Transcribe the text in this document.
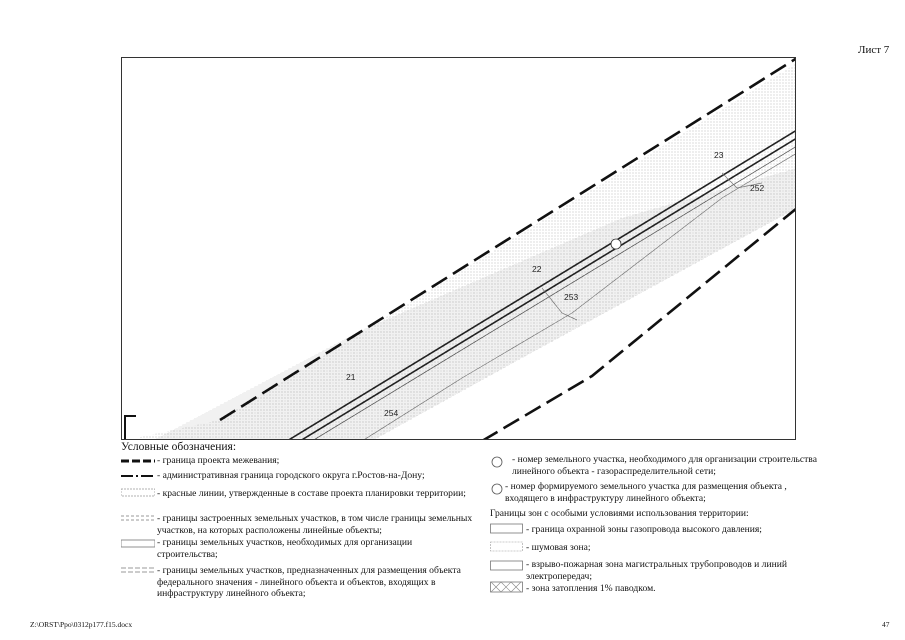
Лист 7
21
22
23
252
253
254
Условные обозначения:
- граница проекта межевания;
- административная граница городского округа г.Ростов-на-Дону;
- красные линии, утвержденные в составе проекта планировки территории;
- границы застроенных земельных участков, в том числе границы земельных участков, на которых расположены линейные объекты;
- границы земельных участков, необходимых для организации строительства;
- границы земельных участков, предназначенных для размещения объекта федерального значения - линейного объекта и объектов, входящих в инфраструктуру линейного объекта;
- номер земельного участка, необходимого для организации строительства линейного объекта - газораспределительной сети;
- номер формируемого земельного участка для размещения объекта , входящего в инфраструктуру линейного объекта;
Границы зон с особыми условиями использования территории:
- граница охранной зоны газопровода высокого давления;
- шумовая зона;
- взрыво-пожарная зона магистральных трубопроводов и линий электропередач;
- зона затопления 1% паводком.
Z:\ORST\Ppo\0312p177.f15.docx	47
